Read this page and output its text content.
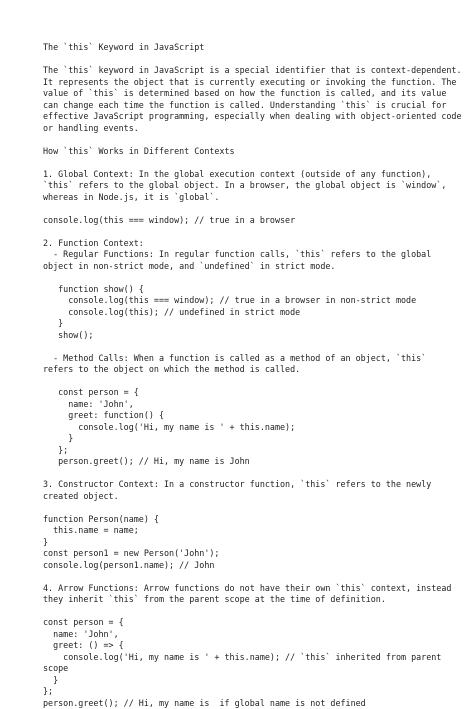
The `this` Keyword in JavaScript
The `this` keyword in JavaScript is a special identifier that is context-dependent.
It represents the object that is currently executing or invoking the function. The
value of `this` is determined based on how the function is called, and its value
can change each time the function is called. Understanding `this` is crucial for
effective JavaScript programming, especially when dealing with object-oriented code
or handling events.
How `this` Works in Different Contexts
1. Global Context: In the global execution context (outside of any function),
`this` refers to the global object. In a browser, the global object is `window`,
whereas in Node.js, it is `global`.
console.log(this === window); // true in a browser
2. Function Context:
- Regular Functions: In regular function calls, `this` refers to the global
object in non-strict mode, and `undefined` in strict mode.
function show() {
console.log(this === window); // true in a browser in non-strict mode
console.log(this); // undefined in strict mode
}
show();
- Method Calls: When a function is called as a method of an object, `this`
refers to the object on which the method is called.
const person = {
name: 'John',
greet: function() {
console.log('Hi, my name is ' + this.name);
}
};
person.greet(); // Hi, my name is John
3. Constructor Context: In a constructor function, `this` refers to the newly
created object.
function Person(name) {
this.name = name;
}
const person1 = new Person('John');
console.log(person1.name); // John
4. Arrow Functions: Arrow functions do not have their own `this` context, instead
they inherit `this` from the parent scope at the time of definition.
const person = {
name: 'John',
greet: () => {
console.log('Hi, my name is ' + this.name); // `this` inherited from parent
scope
}
};
person.greet(); // Hi, my name is  if global name is not defined
